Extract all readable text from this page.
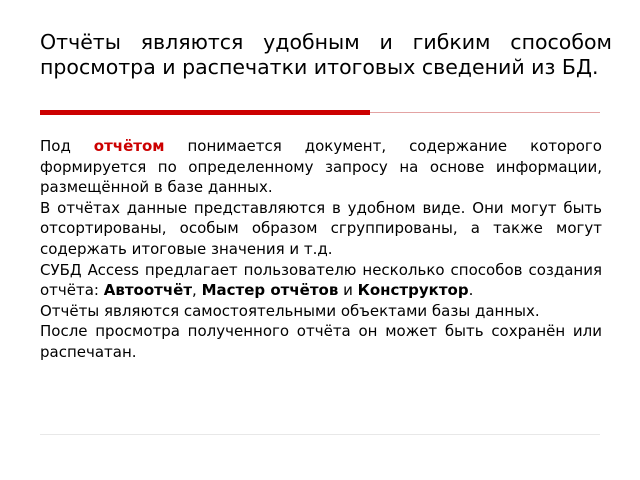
Отчёты являются удобным и гибким способом просмотра и распечатки итоговых сведений из БД.

Под отчётом понимается документ, содержание которого формируется по определенному запросу на основе информации, размещённой в базе данных.

В отчётах данные представляются в удобном виде. Они могут быть отсортированы, особым образом сгруппированы, а также могут содержать итоговые значения и т.д.

СУБД Access предлагает пользователю несколько способов создания отчёта: Автоотчёт, Мастер отчётов и Конструктор.

Отчёты являются самостоятельными объектами базы данных.

После просмотра полученного отчёта он может быть сохранён или распечатан.
